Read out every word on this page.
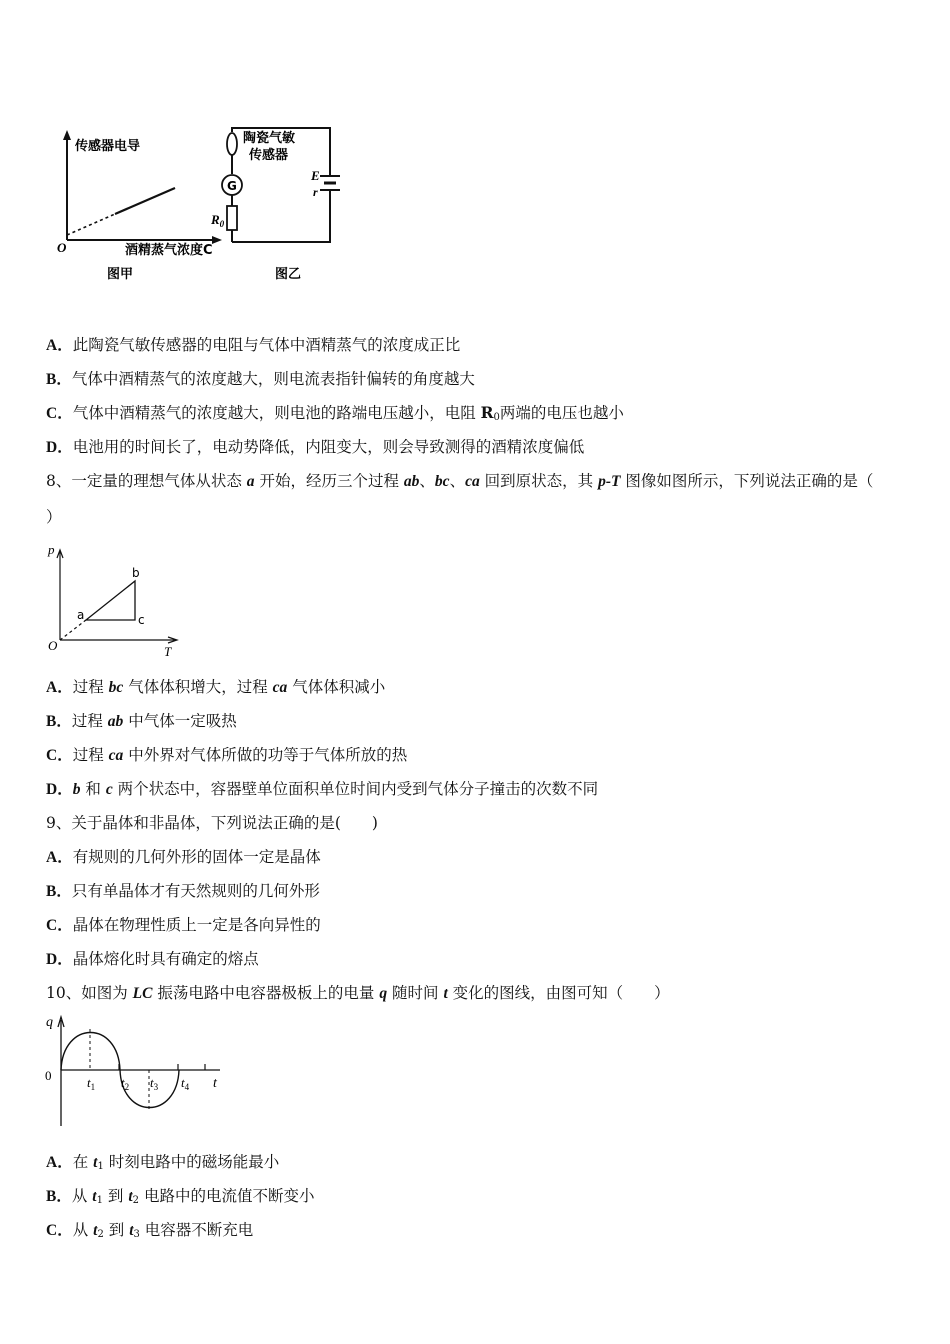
传感器电导
O	酒精蒸气浓度C
图甲
G
陶瓷气敏
传感器
$R_0$
E
r
图乙
A．此陶瓷气敏传感器的电阻与气体中酒精蒸气的浓度成正比
B．气体中酒精蒸气的浓度越大，则电流表指针偏转的角度越大
C．气体中酒精蒸气的浓度越大，则电池的路端电压越小，电阻 $R_0$两端的电压也越小
D．电池用的时间长了，电动势降低，内阻变大，则会导致测得的酒精浓度偏低
8、一定量的理想气体从状态 a 开始，经历三个过程 ab、bc、ca 回到原状态，其 p-T 图像如图所示，下列说法正确的是（
）
p
T
O
a
b
c
A．过程 bc 气体体积增大，过程 ca 气体体积减小
B．过程 ab 中气体一定吸热
C．过程 ca 中外界对气体所做的功等于气体所放的热
D．b 和 c 两个状态中，容器壁单位面积单位时间内受到气体分子撞击的次数不同
9、关于晶体和非晶体，下列说法正确的是(　　)
A．有规则的几何外形的固体一定是晶体
B．只有单晶体才有天然规则的几何外形
C．晶体在物理性质上一定是各向异性的
D．晶体熔化时具有确定的熔点
10、如图为 LC 振荡电路中电容器极板上的电量 q 随时间 t 变化的图线，由图可知（　　）
q
0
t
$t_1$ $t_2$ $t_3$ $t_4$
A．在 $t_1$ 时刻电路中的磁场能最小
B．从 $t_1$ 到 $t_2$ 电路中的电流值不断变小
C．从 $t_2$ 到 $t_3$ 电容器不断充电
